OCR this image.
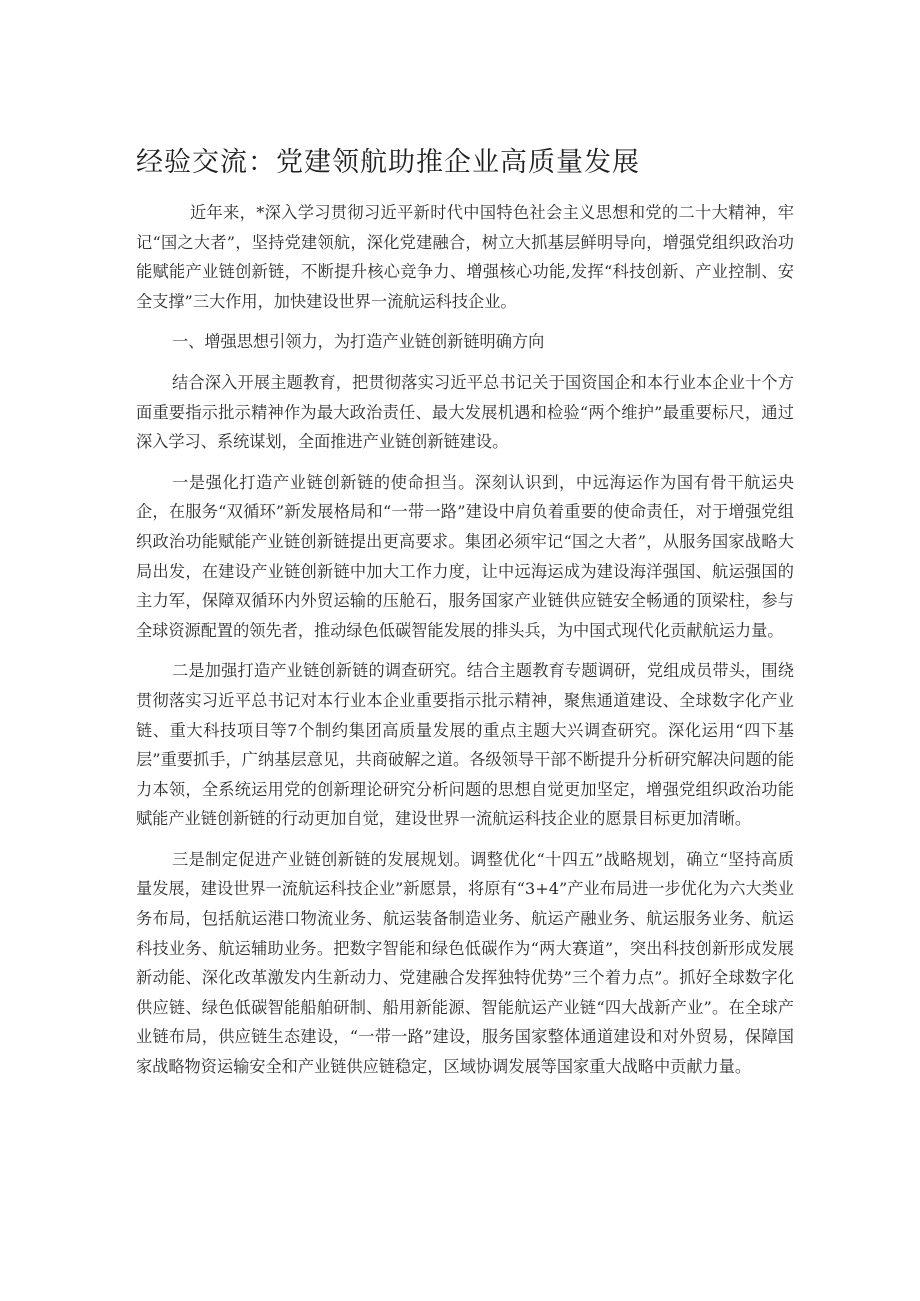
经验交流：党建领航助推企业高质量发展

近年来，*深入学习贯彻习近平新时代中国特色社会主义思想和党的二十大精神，牢记“国之大者”，坚持党建领航，深化党建融合，树立大抓基层鲜明导向，增强党组织政治功能赋能产业链创新链，不断提升核心竞争力、增强核心功能,发挥“科技创新、产业控制、安全支撑”三大作用，加快建设世界一流航运科技企业。

一、增强思想引领力，为打造产业链创新链明确方向

结合深入开展主题教育，把贯彻落实习近平总书记关于国资国企和本行业本企业十个方面重要指示批示精神作为最大政治责任、最大发展机遇和检验“两个维护”最重要标尺，通过深入学习、系统谋划，全面推进产业链创新链建设。

一是强化打造产业链创新链的使命担当。深刻认识到，中远海运作为国有骨干航运央企，在服务“双循环”新发展格局和“一带一路”建设中肩负着重要的使命责任，对于增强党组织政治功能赋能产业链创新链提出更高要求。集团必须牢记“国之大者”，从服务国家战略大局出发，在建设产业链创新链中加大工作力度，让中远海运成为建设海洋强国、航运强国的主力军，保障双循环内外贸运输的压舱石，服务国家产业链供应链安全畅通的顶梁柱，参与全球资源配置的领先者，推动绿色低碳智能发展的排头兵，为中国式现代化贡献航运力量。

二是加强打造产业链创新链的调查研究。结合主题教育专题调研，党组成员带头，围绕贯彻落实习近平总书记对本行业本企业重要指示批示精神，聚焦通道建设、全球数字化产业链、重大科技项目等7个制约集团高质量发展的重点主题大兴调查研究。深化运用“四下基层”重要抓手，广纳基层意见，共商破解之道。各级领导干部不断提升分析研究解决问题的能力本领，全系统运用党的创新理论研究分析问题的思想自觉更加坚定，增强党组织政治功能赋能产业链创新链的行动更加自觉，建设世界一流航运科技企业的愿景目标更加清晰。

三是制定促进产业链创新链的发展规划。调整优化“十四五”战略规划，确立“坚持高质量发展，建设世界一流航运科技企业”新愿景，将原有“3+4”产业布局进一步优化为六大类业务布局，包括航运港口物流业务、航运装备制造业务、航运产融业务、航运服务业务、航运科技业务、航运辅助业务。把数字智能和绿色低碳作为“两大赛道”，突出科技创新形成发展新动能、深化改革激发内生新动力、党建融合发挥独特优势”三个着力点”。抓好全球数字化供应链、绿色低碳智能船舶研制、船用新能源、智能航运产业链“四大战新产业”。在全球产业链布局，供应链生态建设，“一带一路”建设，服务国家整体通道建设和对外贸易，保障国家战略物资运输安全和产业链供应链稳定，区域协调发展等国家重大战略中贡献力量。
